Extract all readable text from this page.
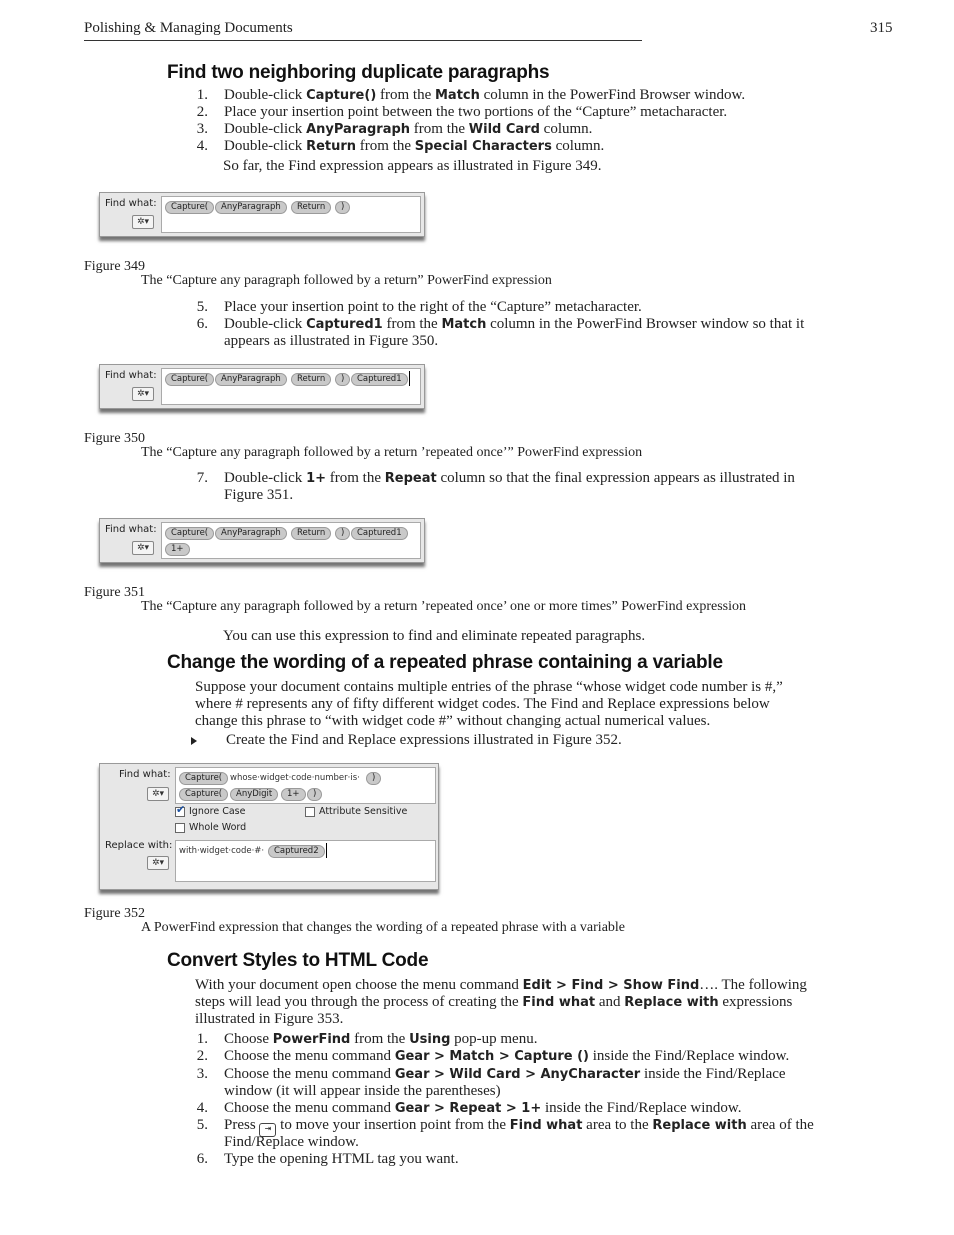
Polishing & Managing Documents	315
Find two neighboring duplicate paragraphs
1. Double-click Capture() from the Match column in the PowerFind Browser window.
2. Place your insertion point between the two portions of the “Capture” metacharacter.
3. Double-click AnyParagraph from the Wild Card column.
4. Double-click Return from the Special Characters column.
So far, the Find expression appears as illustrated in Figure 349.
Find what:
✲▾
Capture(	AnyParagraph	Return	)
Figure 349
The “Capture any paragraph followed by a return” PowerFind expression
5. Place your insertion point to the right of the “Capture” metacharacter.
6. Double-click Captured1 from the Match column in the PowerFind Browser window so that it
appears as illustrated in Figure 350.
Find what:
✲▾
Capture(	AnyParagraph	Return	)	Captured1
Figure 350
The “Capture any paragraph followed by a return ’repeated once’” PowerFind expression
7. Double-click 1+ from the Repeat column so that the final expression appears as illustrated in
Figure 351.
Find what:
✲▾
Capture(	AnyParagraph	Return	)	Captured1
1+
Figure 351
The “Capture any paragraph followed by a return ’repeated once’ one or more times” PowerFind expression
You can use this expression to find and eliminate repeated paragraphs.
Change the wording of a repeated phrase containing a variable
Suppose your document contains multiple entries of the phrase “whose widget code number is #,”
where # represents any of fifty different widget codes. The Find and Replace expressions below
change this phrase to “with widget code #” without changing actual numerical values.
Create the Find and Replace expressions illustrated in Figure 352.
Find what:
✲▾
Capture( whose·widget·code·number·is·	)
Capture(	AnyDigit	1+	)
✔ Ignore Case
Whole Word
Attribute Sensitive
Replace with:
✲▾
with·widget·code·#·	Captured2
Figure 352
A PowerFind expression that changes the wording of a repeated phrase with a variable
Convert Styles to HTML Code
With your document open choose the menu command Edit > Find > Show Find…. The following
steps will lead you through the process of creating the Find what and Replace with expressions
illustrated in Figure 353.
1. Choose PowerFind from the Using pop-up menu.
2. Choose the menu command Gear > Match > Capture () inside the Find/Replace window.
3. Choose the menu command Gear > Wild Card > AnyCharacter inside the Find/Replace
window (it will appear inside the parentheses)
4. Choose the menu command Gear > Repeat > 1+ inside the Find/Replace window.
5. Press ⇥ to move your insertion point from the Find what area to the Replace with area of the
Find/Replace window.
6. Type the opening HTML tag you want.
